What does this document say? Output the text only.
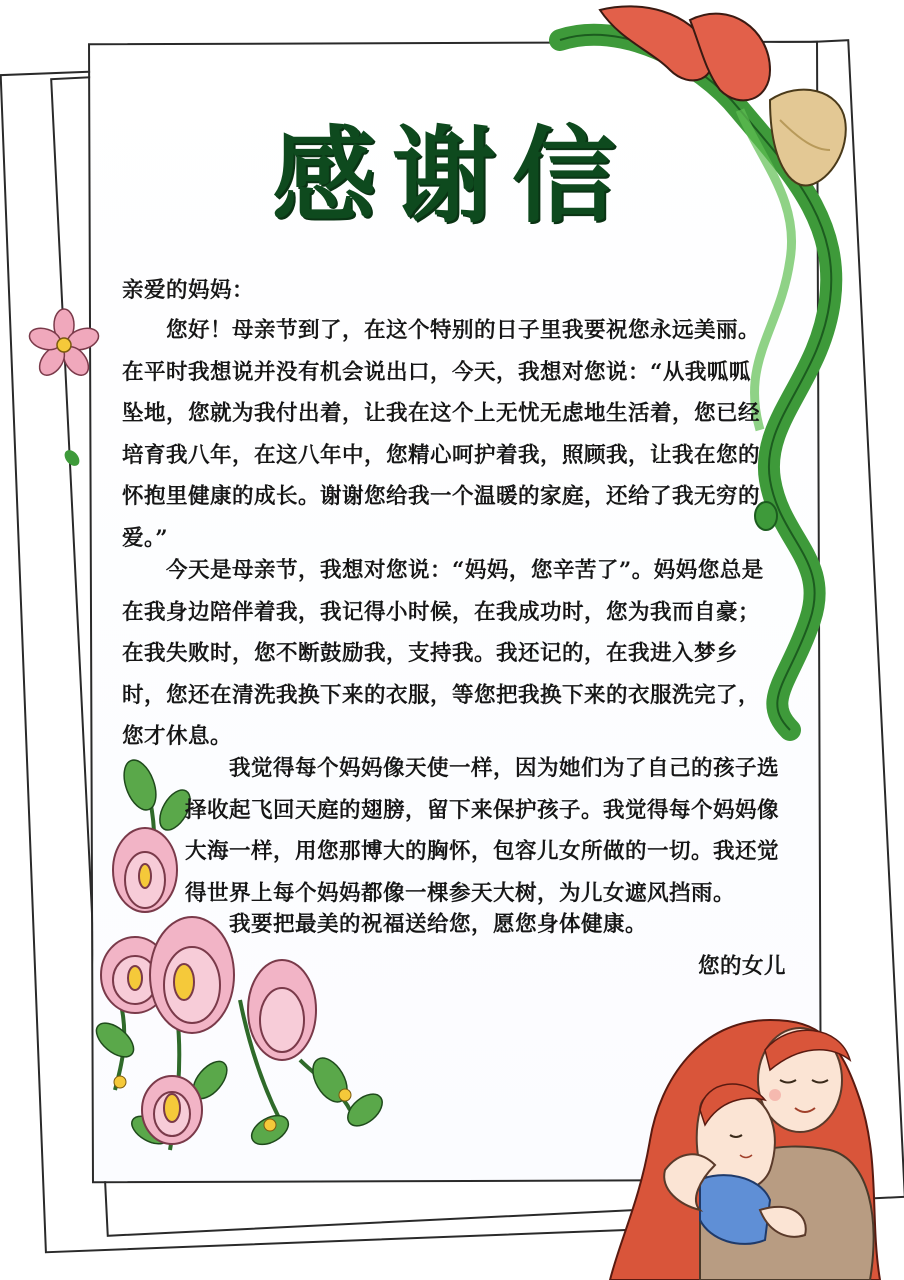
感谢信

亲爱的妈妈：

您好！母亲节到了，在这个特别的日子里我要祝您永远美丽。在平时我想说并没有机会说出口，今天，我想对您说：“从我呱呱坠地，您就为我付出着，让我在这个上无忧无虑地生活着，您已经培育我八年，在这八年中，您精心呵护着我，照顾我，让我在您的怀抱里健康的成长。谢谢您给我一个温暖的家庭，还给了我无穷的爱。”

今天是母亲节，我想对您说：“妈妈，您辛苦了”。妈妈您总是在我身边陪伴着我，我记得小时候，在我成功时，您为我而自豪；在我失败时，您不断鼓励我，支持我。我还记的，在我进入梦乡时，您还在清洗我换下来的衣服，等您把我换下来的衣服洗完了，您才休息。

我觉得每个妈妈像天使一样，因为她们为了自己的孩子选择收起飞回天庭的翅膀，留下来保护孩子。我觉得每个妈妈像大海一样，用您那博大的胸怀，包容儿女所做的一切。我还觉得世界上每个妈妈都像一棵参天大树，为儿女遮风挡雨。

我要把最美的祝福送给您，愿您身体健康。

您的女儿
